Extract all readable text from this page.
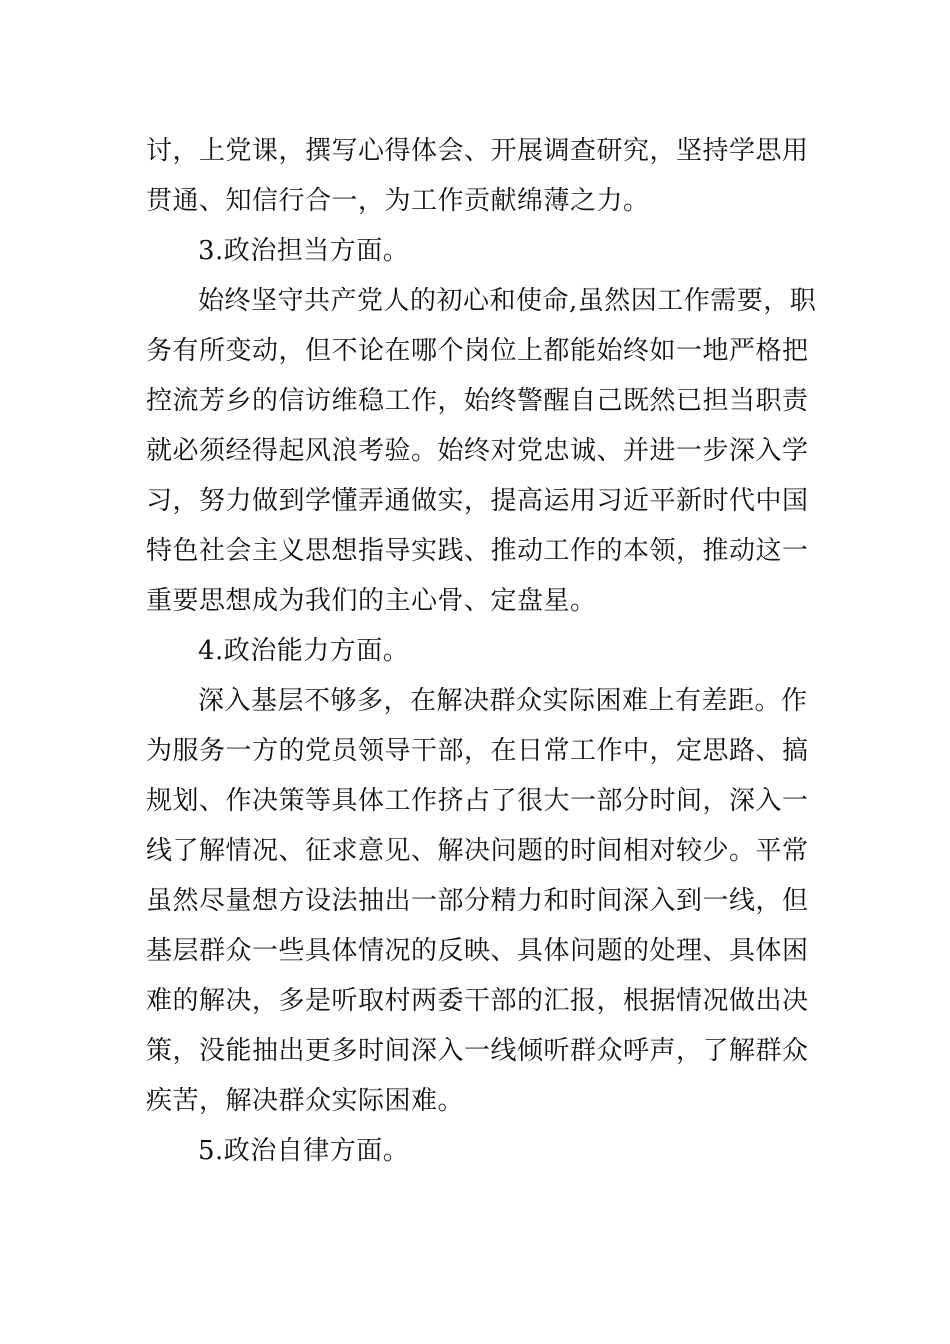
讨，上党课，撰写心得体会、开展调查研究，坚持学思用
贯通、知信行合一，为工作贡献绵薄之力。
3.政治担当方面。
始终坚守共产党人的初心和使命,虽然因工作需要，职
务有所变动，但不论在哪个岗位上都能始终如一地严格把
控流芳乡的信访维稳工作，始终警醒自己既然已担当职责
就必须经得起风浪考验。始终对党忠诚、并进一步深入学
习，努力做到学懂弄通做实，提高运用习近平新时代中国
特色社会主义思想指导实践、推动工作的本领，推动这一
重要思想成为我们的主心骨、定盘星。
4.政治能力方面。
深入基层不够多，在解决群众实际困难上有差距。作
为服务一方的党员领导干部，在日常工作中，定思路、搞
规划、作决策等具体工作挤占了很大一部分时间，深入一
线了解情况、征求意见、解决问题的时间相对较少。平常
虽然尽量想方设法抽出一部分精力和时间深入到一线，但
基层群众一些具体情况的反映、具体问题的处理、具体困
难的解决，多是听取村两委干部的汇报，根据情况做出决
策，没能抽出更多时间深入一线倾听群众呼声，了解群众
疾苦，解决群众实际困难。
5.政治自律方面。
